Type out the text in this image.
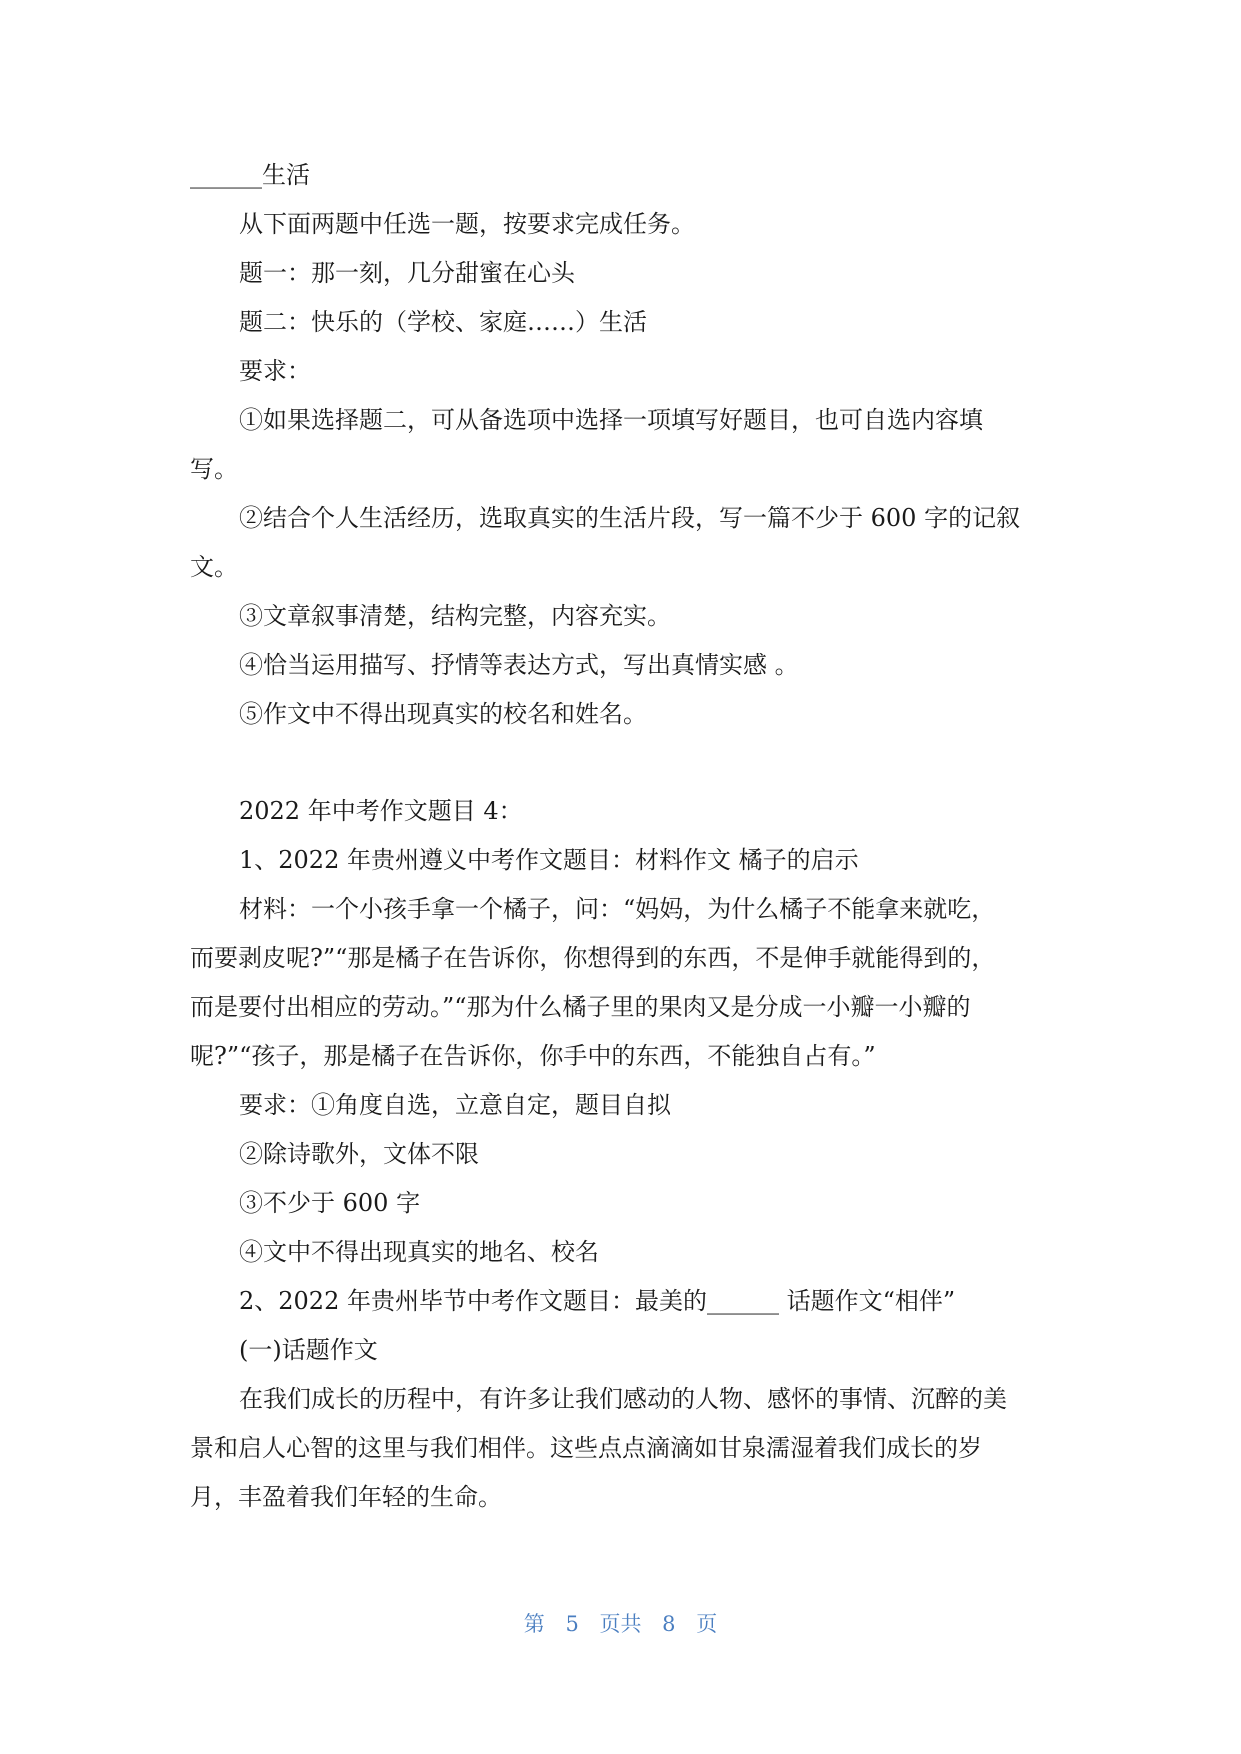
______生活
从下面两题中任选一题，按要求完成任务。
题一：那一刻，几分甜蜜在心头
题二：快乐的（学校、家庭……）生活
要求：
①如果选择题二，可从备选项中选择一项填写好题目，也可自选内容填
写。
②结合个人生活经历，选取真实的生活片段，写一篇不少于 600 字的记叙
文。
③文章叙事清楚，结构完整，内容充实。
④恰当运用描写、抒情等表达方式，写出真情实感 。
⑤作文中不得出现真实的校名和姓名。
2022 年中考作文题目 4：
1、2022 年贵州遵义中考作文题目：材料作文 橘子的启示
材料：一个小孩手拿一个橘子，问：“妈妈，为什么橘子不能拿来就吃，
而要剥皮呢?”“那是橘子在告诉你，你想得到的东西，不是伸手就能得到的，
而是要付出相应的劳动。”“那为什么橘子里的果肉又是分成一小瓣一小瓣的
呢?”“孩子，那是橘子在告诉你，你手中的东西，不能独自占有。”
要求：①角度自选，立意自定，题目自拟
②除诗歌外，文体不限
③不少于 600 字
④文中不得出现真实的地名、校名
2、2022 年贵州毕节中考作文题目：最美的______ 话题作文“相伴”
(一)话题作文
在我们成长的历程中，有许多让我们感动的人物、感怀的事情、沉醉的美
景和启人心智的这里与我们相伴。这些点点滴滴如甘泉濡湿着我们成长的岁
月，丰盈着我们年轻的生命。
第 5 页共 8 页
